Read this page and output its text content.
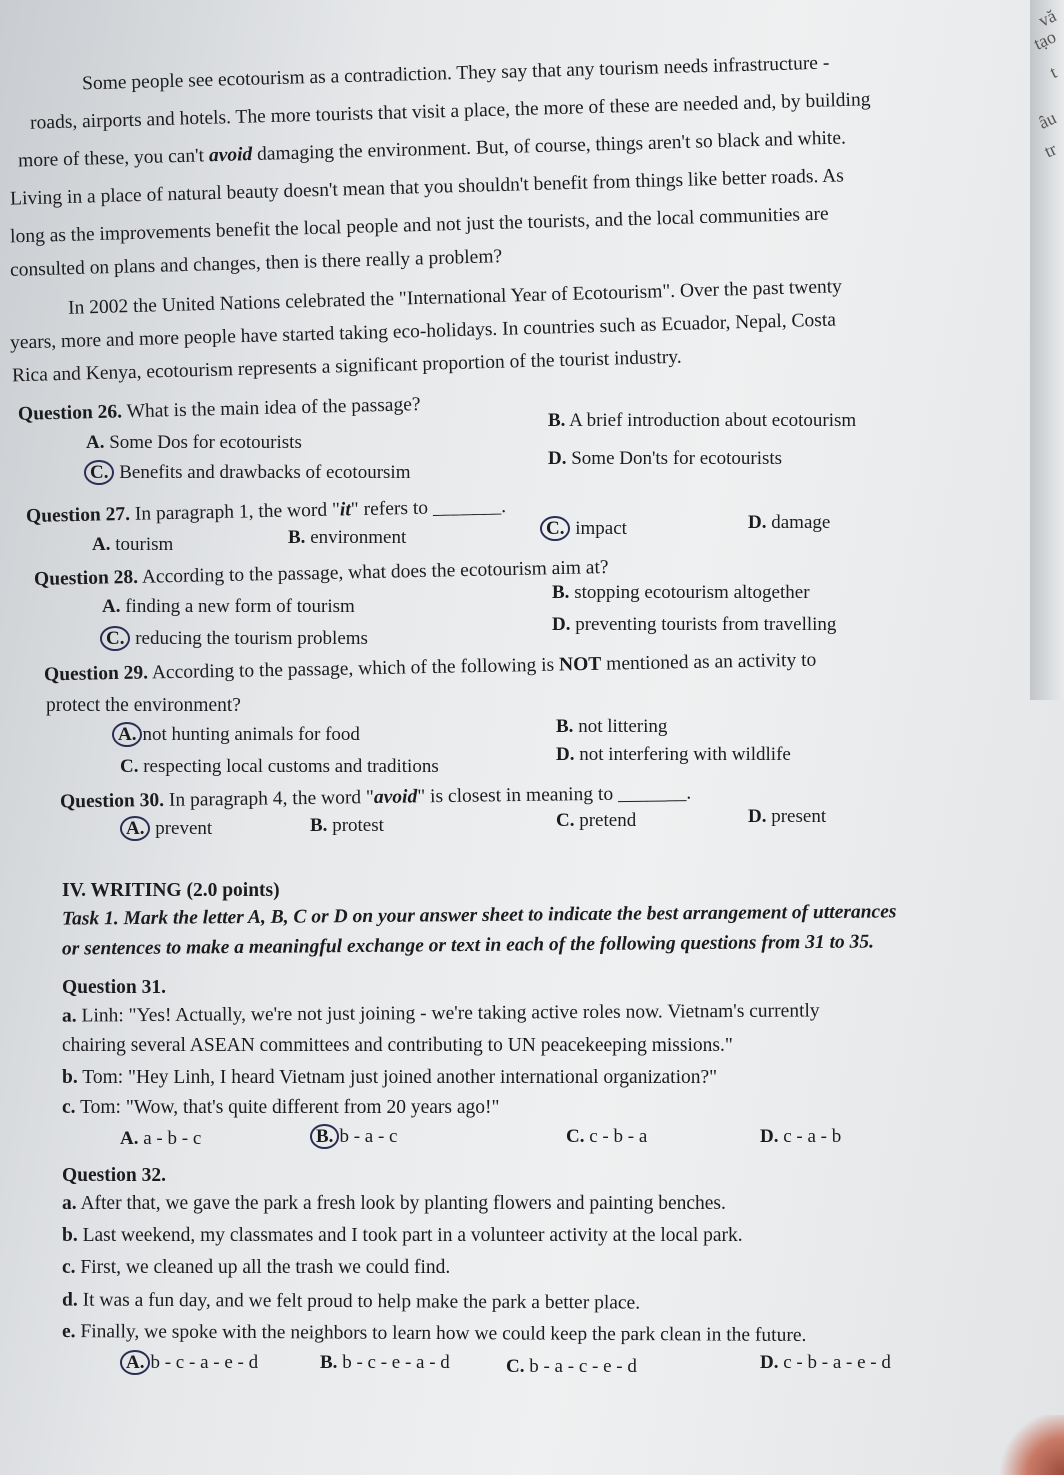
vă
tạo
t
âu
tr
Some people see ecotourism as a contradiction. They say that any tourism needs infrastructure -
roads, airports and hotels. The more tourists that visit a place, the more of these are needed and, by building
more of these, you can't avoid damaging the environment. But, of course, things aren't so black and white.
Living in a place of natural beauty doesn't mean that you shouldn't benefit from things like better roads. As
long as the improvements benefit the local people and not just the tourists, and the local communities are
consulted on plans and changes, then is there really a problem?
In 2002 the United Nations celebrated the "International Year of Ecotourism". Over the past twenty
years, more and more people have started taking eco-holidays. In countries such as Ecuador, Nepal, Costa
Rica and Kenya, ecotourism represents a significant proportion of the tourist industry.
Question 26. What is the main idea of the passage?
A. Some Dos for ecotourists
B. A brief introduction about ecotourism
C. Benefits and drawbacks of ecotoursim
D. Some Don'ts for ecotourists
Question 27. In paragraph 1, the word "it" refers to _______.
A. tourism	B. environment	C. impact	D. damage
Question 28. According to the passage, what does the ecotourism aim at?
A. finding a new form of tourism
B. stopping ecotourism altogether
C. reducing the tourism problems
D. preventing tourists from travelling
Question 29. According to the passage, which of the following is NOT mentioned as an activity to
protect the environment?
A. not hunting animals for food	B. not littering
C. respecting local customs and traditions
D. not interfering with wildlife
Question 30. In paragraph 4, the word "avoid" is closest in meaning to _______.
A. prevent	B. protest	C. pretend	D. present
IV. WRITING (2.0 points)
Task 1. Mark the letter A, B, C or D on your answer sheet to indicate the best arrangement of utterances
or sentences to make a meaningful exchange or text in each of the following questions from 31 to 35.
Question 31.
a. Linh: "Yes! Actually, we're not just joining - we're taking active roles now. Vietnam's currently
chairing several ASEAN committees and contributing to UN peacekeeping missions."
b. Tom: "Hey Linh, I heard Vietnam just joined another international organization?"
c. Tom: "Wow, that's quite different from 20 years ago!"
A. a - b - c	B. b - a - c	C. c - b - a	D. c - a - b
Question 32.
a. After that, we gave the park a fresh look by planting flowers and painting benches.
b. Last weekend, my classmates and I took part in a volunteer activity at the local park.
c. First, we cleaned up all the trash we could find.
d. It was a fun day, and we felt proud to help make the park a better place.
e. Finally, we spoke with the neighbors to learn how we could keep the park clean in the future.
A. b - c - a - e - d	B. b - c - e - a - d	C. b - a - c - e - d	D. c - b - a - e - d
